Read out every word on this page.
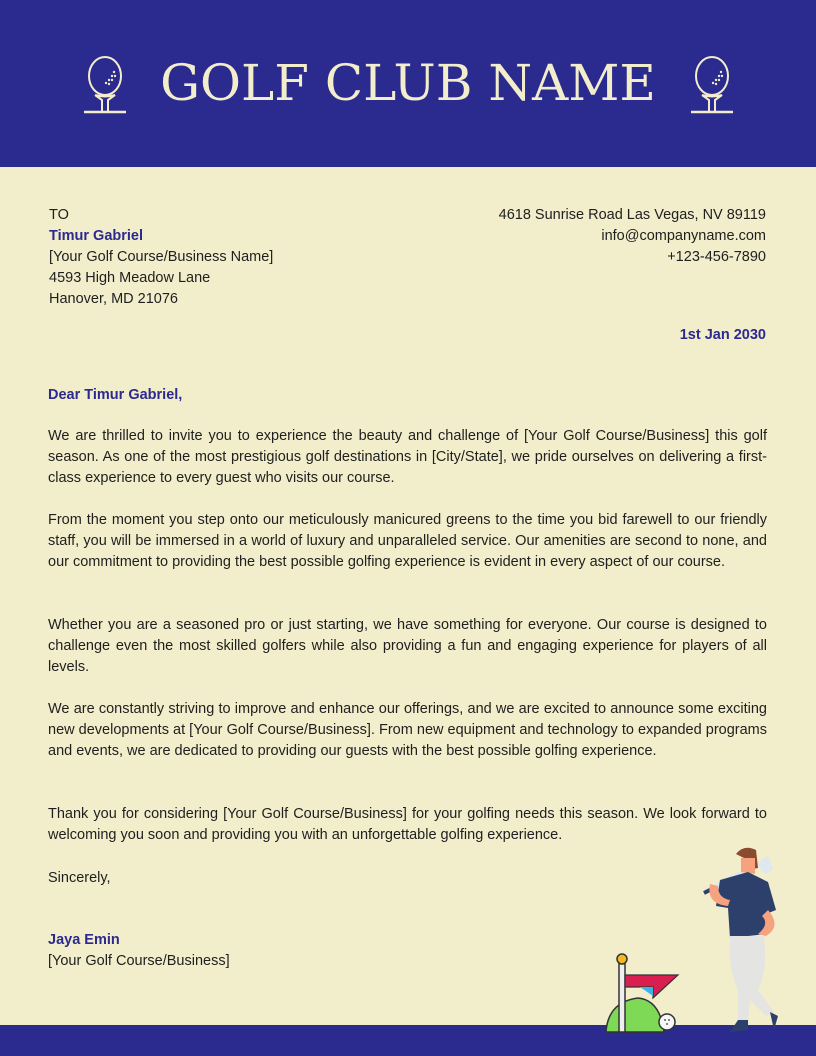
GOLF CLUB NAME
TO
Timur Gabriel
[Your Golf Course/Business Name]
4593 High Meadow Lane
Hanover, MD 21076
4618 Sunrise Road Las Vegas, NV 89119
info@companyname.com
+123-456-7890
1st Jan 2030
Dear Timur Gabriel,
We are thrilled to invite you to experience the beauty and challenge of [Your Golf Course/Business] this golf season. As one of the most prestigious golf destinations in [City/State], we pride ourselves on delivering a first-class experience to every guest who visits our course.
From the moment you step onto our meticulously manicured greens to the time you bid farewell to our friendly staff, you will be immersed in a world of luxury and unparalleled service. Our amenities are second to none, and our commitment to providing the best possible golfing experience is evident in every aspect of our course.
Whether you are a seasoned pro or just starting, we have something for everyone. Our course is designed to challenge even the most skilled golfers while also providing a fun and engaging experience for players of all levels.
We are constantly striving to improve and enhance our offerings, and we are excited to announce some exciting new developments at [Your Golf Course/Business]. From new equipment and technology to expanded programs and events, we are dedicated to providing our guests with the best possible golfing experience.
Thank you for considering [Your Golf Course/Business] for your golfing needs this season. We look forward to welcoming you soon and providing you with an unforgettable golfing experience.
Sincerely,
Jaya Emin
[Your Golf Course/Business]
